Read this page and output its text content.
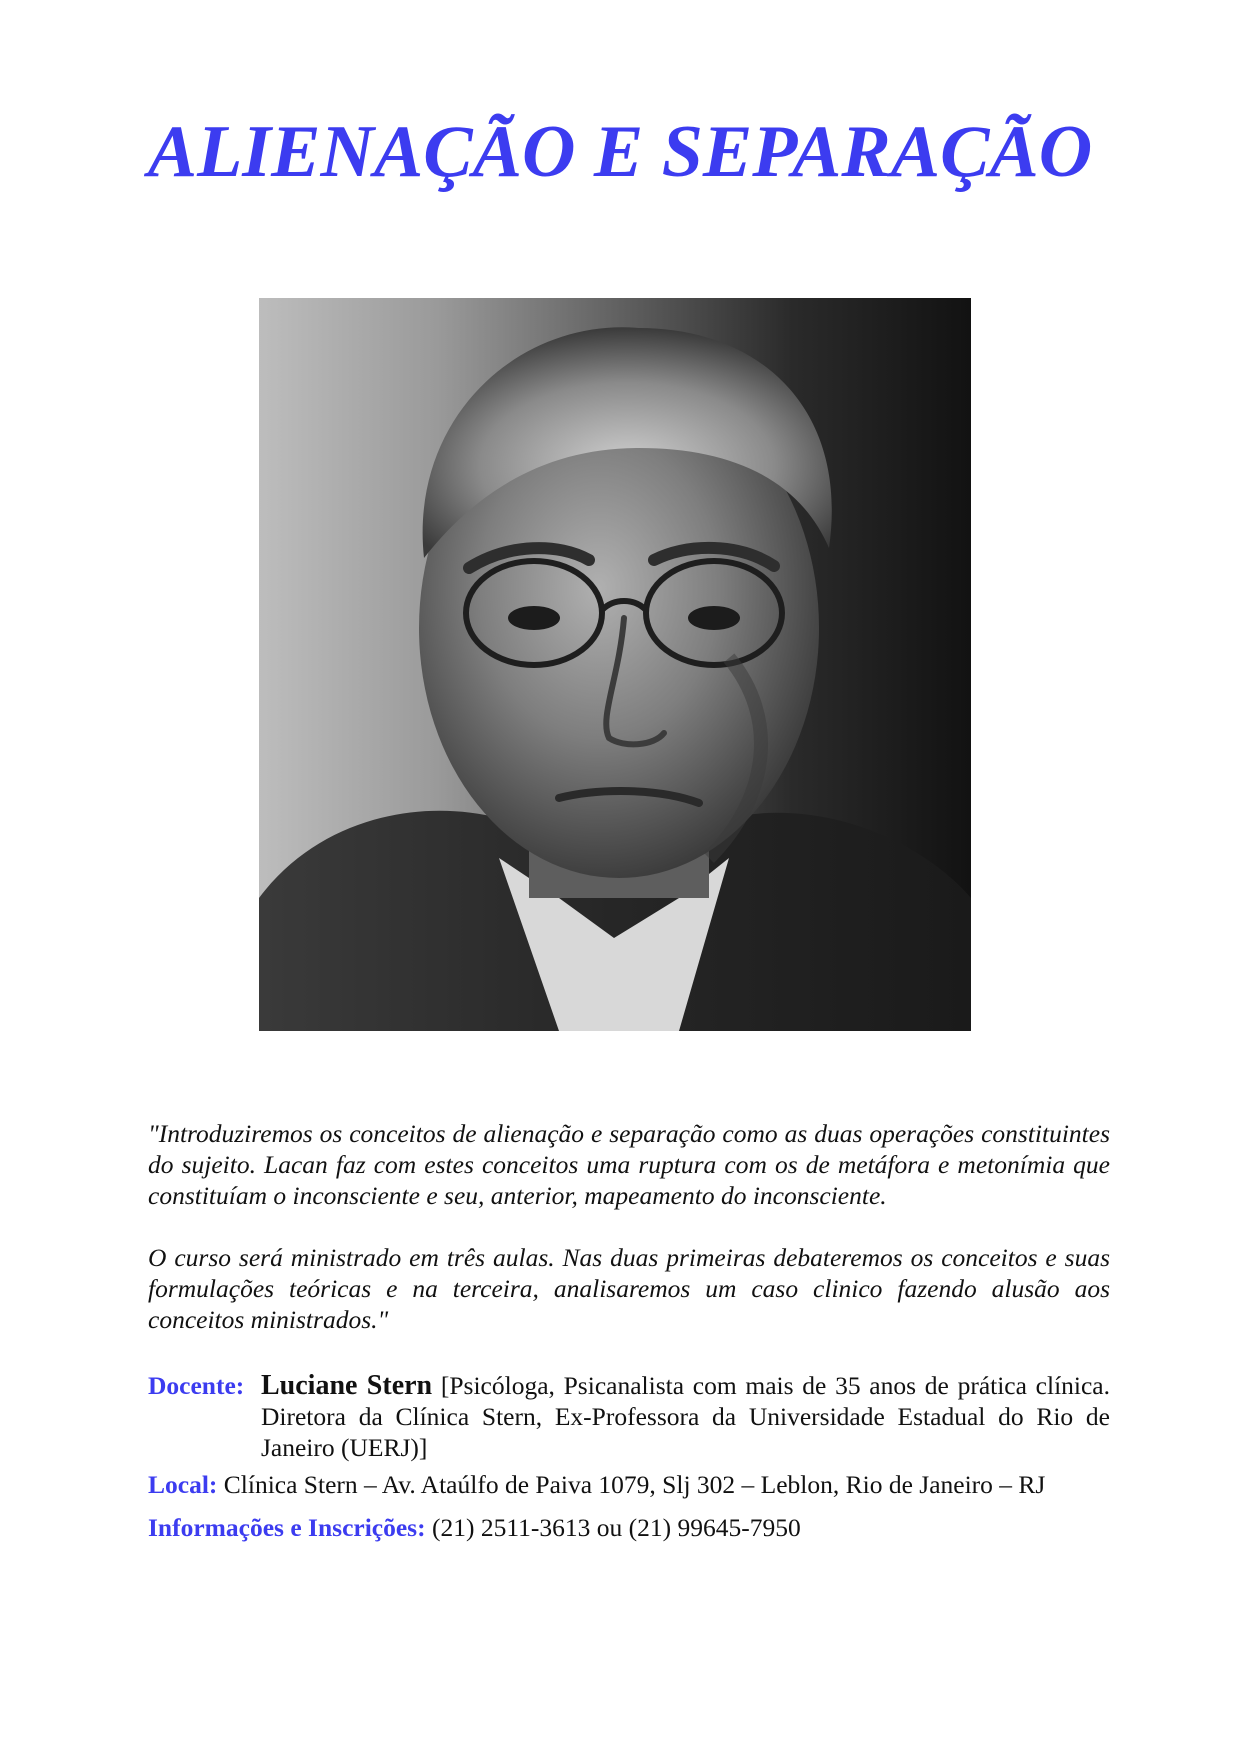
ALIENAÇÃO E SEPARAÇÃO

"Introduziremos os conceitos de alienação e separação como as duas operações constituintes do sujeito. Lacan faz com estes conceitos uma ruptura com os de metáfora e metonímia que constituíam o inconsciente e seu, anterior, mapeamento do inconsciente.

O curso será ministrado em três aulas. Nas duas primeiras debateremos os conceitos e suas formulações teóricas e na terceira, analisaremos um caso clinico fazendo alusão aos conceitos ministrados."

Docente: Luciane Stern [Psicóloga, Psicanalista com mais de 35 anos de prática clínica. Diretora da Clínica Stern, Ex-Professora da Universidade Estadual do Rio de Janeiro (UERJ)]
Local: Clínica Stern – Av. Ataúlfo de Paiva 1079, Slj 302 – Leblon, Rio de Janeiro – RJ
Informações e Inscrições: (21) 2511-3613 ou (21) 99645-7950
